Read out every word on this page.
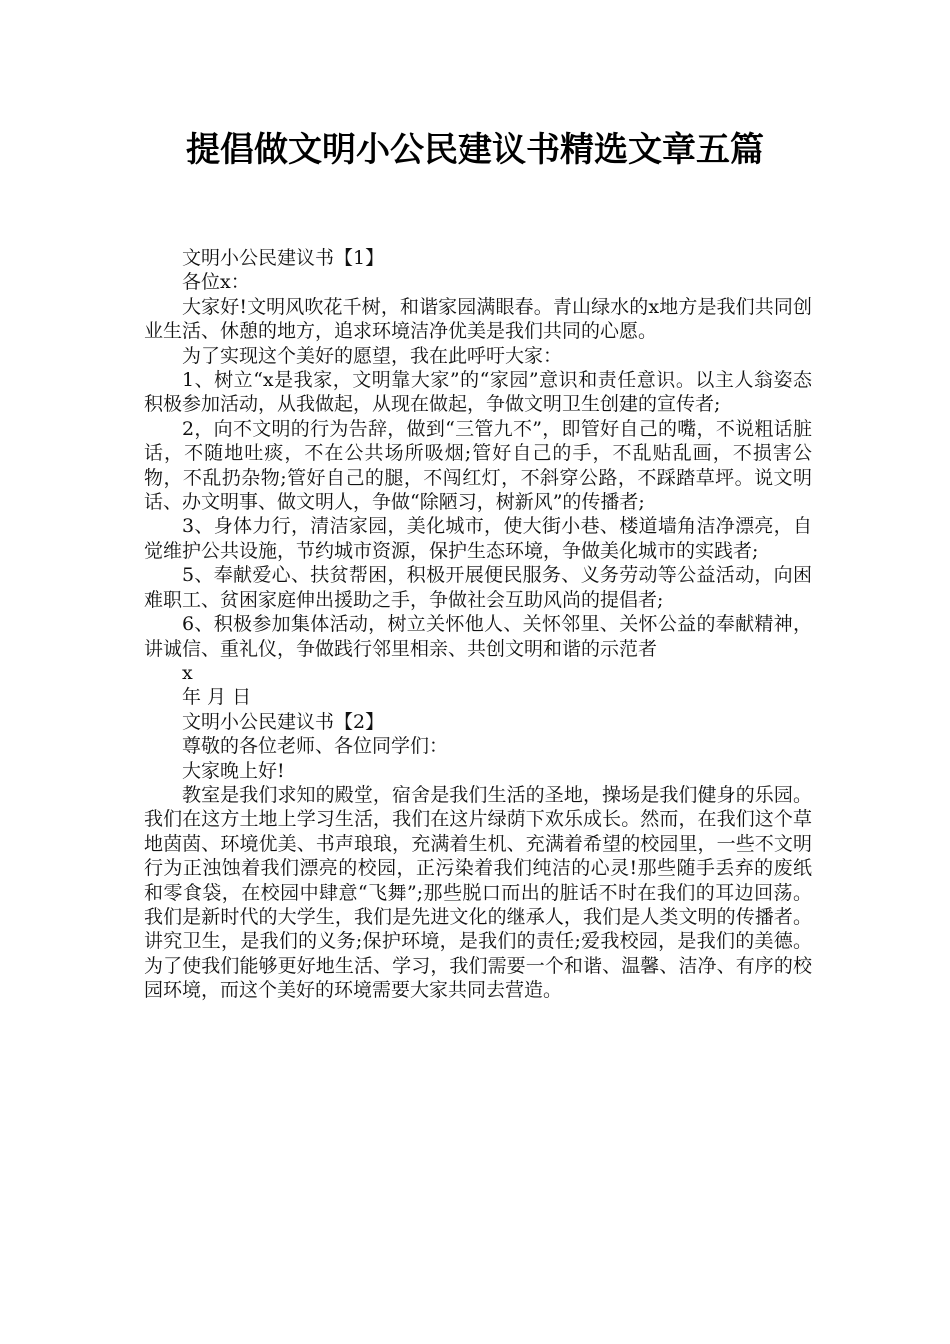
提倡做文明小公民建议书精选文章五篇

文明小公民建议书【1】

各位x：

大家好!文明风吹花千树，和谐家园满眼春。青山绿水的x地方是我们共同创业生活、休憩的地方，追求环境洁净优美是我们共同的心愿。

为了实现这个美好的愿望，我在此呼吁大家：

1、树立“x是我家，文明靠大家”的“家园”意识和责任意识。以主人翁姿态积极参加活动，从我做起，从现在做起，争做文明卫生创建的宣传者;

2，向不文明的行为告辞，做到“三管九不”，即管好自己的嘴，不说粗话脏话，不随地吐痰，不在公共场所吸烟;管好自己的手，不乱贴乱画，不损害公物，不乱扔杂物;管好自己的腿，不闯红灯，不斜穿公路，不踩踏草坪。说文明话、办文明事、做文明人，争做“除陋习，树新风”的传播者;

3、身体力行，清洁家园，美化城市，使大街小巷、楼道墙角洁净漂亮，自觉维护公共设施，节约城市资源，保护生态环境，争做美化城市的实践者;

5、奉献爱心、扶贫帮困，积极开展便民服务、义务劳动等公益活动，向困难职工、贫困家庭伸出援助之手，争做社会互助风尚的提倡者;

6、积极参加集体活动，树立关怀他人、关怀邻里、关怀公益的奉献精神，讲诚信、重礼仪，争做践行邻里相亲、共创文明和谐的示范者

x

年 月 日

文明小公民建议书【2】

尊敬的各位老师、各位同学们：

大家晚上好!

教室是我们求知的殿堂，宿舍是我们生活的圣地，操场是我们健身的乐园。我们在这方土地上学习生活，我们在这片绿荫下欢乐成长。然而，在我们这个草地茵茵、环境优美、书声琅琅，充满着生机、充满着希望的校园里，一些不文明行为正浊蚀着我们漂亮的校园，正污染着我们纯洁的心灵!那些随手丢弃的废纸和零食袋，在校园中肆意“飞舞”;那些脱口而出的脏话不时在我们的耳边回荡。我们是新时代的大学生，我们是先进文化的继承人，我们是人类文明的传播者。讲究卫生，是我们的义务;保护环境，是我们的责任;爱我校园，是我们的美德。为了使我们能够更好地生活、学习，我们需要一个和谐、温馨、洁净、有序的校园环境，而这个美好的环境需要大家共同去营造。
